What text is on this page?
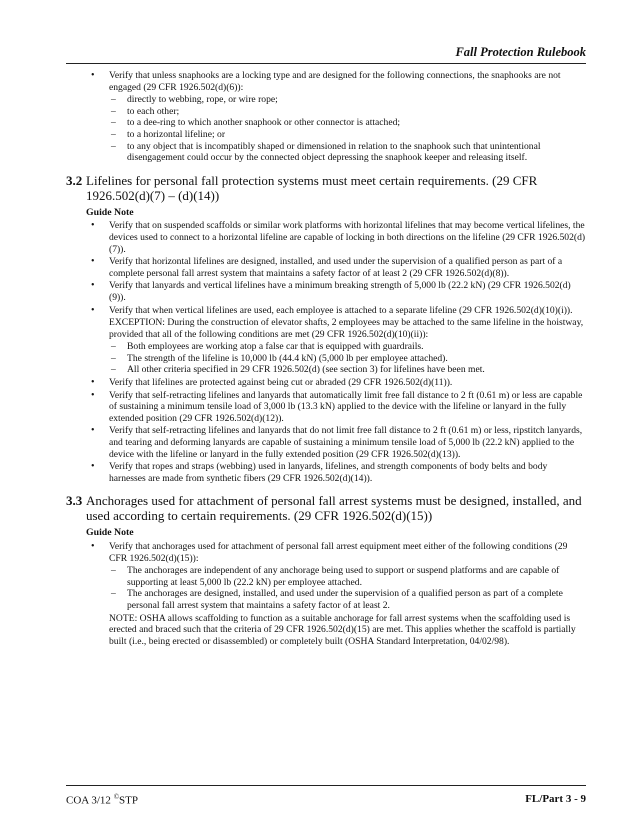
Fall Protection Rulebook
• Verify that unless snaphooks are a locking type and are designed for the following connections, the snaphooks are not engaged (29 CFR 1926.502(d)(6)):
– directly to webbing, rope, or wire rope;
– to each other;
– to a dee-ring to which another snaphook or other connector is attached;
– to a horizontal lifeline; or
– to any object that is incompatibly shaped or dimensioned in relation to the snaphook such that unintentional disengagement could occur by the connected object depressing the snaphook keeper and releasing itself.
3.2 Lifelines for personal fall protection systems must meet certain requirements. (29 CFR 1926.502(d)(7) – (d)(14))
Guide Note
• Verify that on suspended scaffolds or similar work platforms with horizontal lifelines that may become vertical lifelines, the devices used to connect to a horizontal lifeline are capable of locking in both directions on the lifeline (29 CFR 1926.502(d)(7)).
• Verify that horizontal lifelines are designed, installed, and used under the supervision of a qualified person as part of a complete personal fall arrest system that maintains a safety factor of at least 2 (29 CFR 1926.502(d)(8)).
• Verify that lanyards and vertical lifelines have a minimum breaking strength of 5,000 lb (22.2 kN) (29 CFR 1926.502(d)(9)).
• Verify that when vertical lifelines are used, each employee is attached to a separate lifeline (29 CFR 1926.502(d)(10)(i)).
EXCEPTION: During the construction of elevator shafts, 2 employees may be attached to the same lifeline in the hoistway, provided that all of the following conditions are met (29 CFR 1926.502(d)(10)(ii)):
– Both employees are working atop a false car that is equipped with guardrails.
– The strength of the lifeline is 10,000 lb (44.4 kN) (5,000 lb per employee attached).
– All other criteria specified in 29 CFR 1926.502(d) (see section 3) for lifelines have been met.
• Verify that lifelines are protected against being cut or abraded (29 CFR 1926.502(d)(11)).
• Verify that self-retracting lifelines and lanyards that automatically limit free fall distance to 2 ft (0.61 m) or less are capable of sustaining a minimum tensile load of 3,000 lb (13.3 kN) applied to the device with the lifeline or lanyard in the fully extended position (29 CFR 1926.502(d)(12)).
• Verify that self-retracting lifelines and lanyards that do not limit free fall distance to 2 ft (0.61 m) or less, ripstitch lanyards, and tearing and deforming lanyards are capable of sustaining a minimum tensile load of 5,000 lb (22.2 kN) applied to the device with the lifeline or lanyard in the fully extended position (29 CFR 1926.502(d)(13)).
• Verify that ropes and straps (webbing) used in lanyards, lifelines, and strength components of body belts and body harnesses are made from synthetic fibers (29 CFR 1926.502(d)(14)).
3.3 Anchorages used for attachment of personal fall arrest systems must be designed, installed, and used according to certain requirements. (29 CFR 1926.502(d)(15))
Guide Note
• Verify that anchorages used for attachment of personal fall arrest equipment meet either of the following conditions (29 CFR 1926.502(d)(15)):
– The anchorages are independent of any anchorage being used to support or suspend platforms and are capable of supporting at least 5,000 lb (22.2 kN) per employee attached.
– The anchorages are designed, installed, and used under the supervision of a qualified person as part of a complete personal fall arrest system that maintains a safety factor of at least 2.
NOTE: OSHA allows scaffolding to function as a suitable anchorage for fall arrest systems when the scaffolding used is erected and braced such that the criteria of 29 CFR 1926.502(d)(15) are met. This applies whether the scaffold is partially built (i.e., being erected or disassembled) or completely built (OSHA Standard Interpretation, 04/02/98).
COA 3/12 ©STP	FL/Part 3 - 9
